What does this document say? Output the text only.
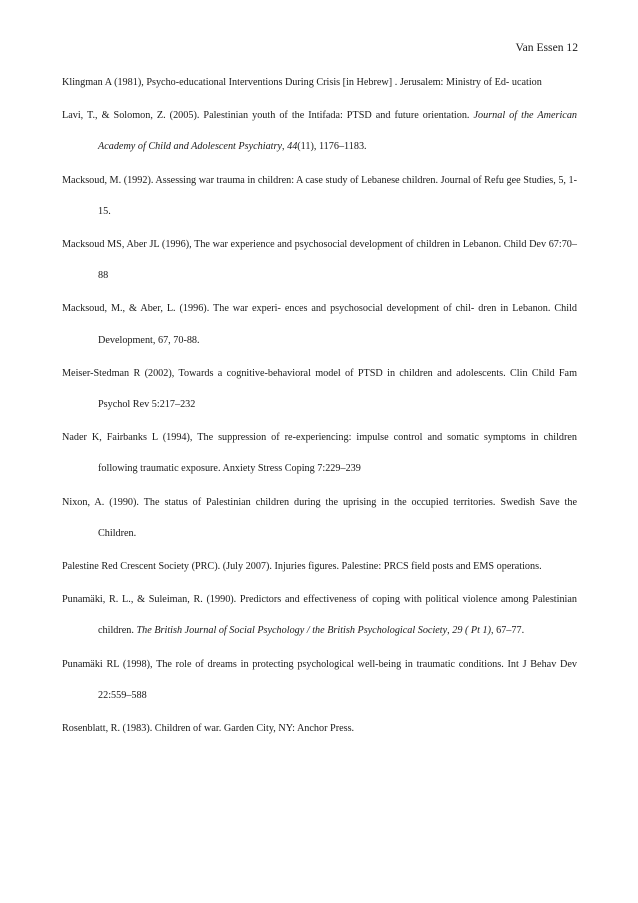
Van Essen 12
Klingman A (1981), Psycho-educational Interventions During Crisis [in Hebrew] . Jerusalem: Ministry of Ed- ucation
Lavi, T., & Solomon, Z. (2005). Palestinian youth of the Intifada: PTSD and future orientation. Journal of the American Academy of Child and Adolescent Psychiatry, 44(11), 1176–1183.
Macksoud, M. (1992). Assessing war trauma in children: A case study of Lebanese children. Journal of Refu gee Studies, 5, 1-15.
Macksoud MS, Aber JL (1996), The war experience and psychosocial development of children in Lebanon. Child Dev 67:70–88
Macksoud, M., & Aber, L. (1996). The war experi- ences and psychosocial development of chil- dren in Lebanon. Child Development, 67, 70-88.
Meiser-Stedman R (2002), Towards a cognitive-behavioral model of PTSD in children and adolescents. Clin Child Fam Psychol Rev 5:217–232
Nader K, Fairbanks L (1994), The suppression of re-experiencing: impulse control and somatic symptoms in children following traumatic exposure. Anxiety Stress Coping 7:229–239
Nixon, A. (1990). The status of Palestinian children during the uprising in the occupied territories. Swedish Save the Children.
Palestine Red Crescent Society (PRC). (July 2007). Injuries figures. Palestine: PRCS field posts and EMS operations.
Punamäki, R. L., & Suleiman, R. (1990). Predictors and effectiveness of coping with political violence among Palestinian children. The British Journal of Social Psychology / the British Psychological Society, 29 ( Pt 1), 67–77.
Punamäki RL (1998), The role of dreams in protecting psychological well-being in traumatic conditions. Int J Behav Dev 22:559–588
Rosenblatt, R. (1983). Children of war. Garden City, NY: Anchor Press.
